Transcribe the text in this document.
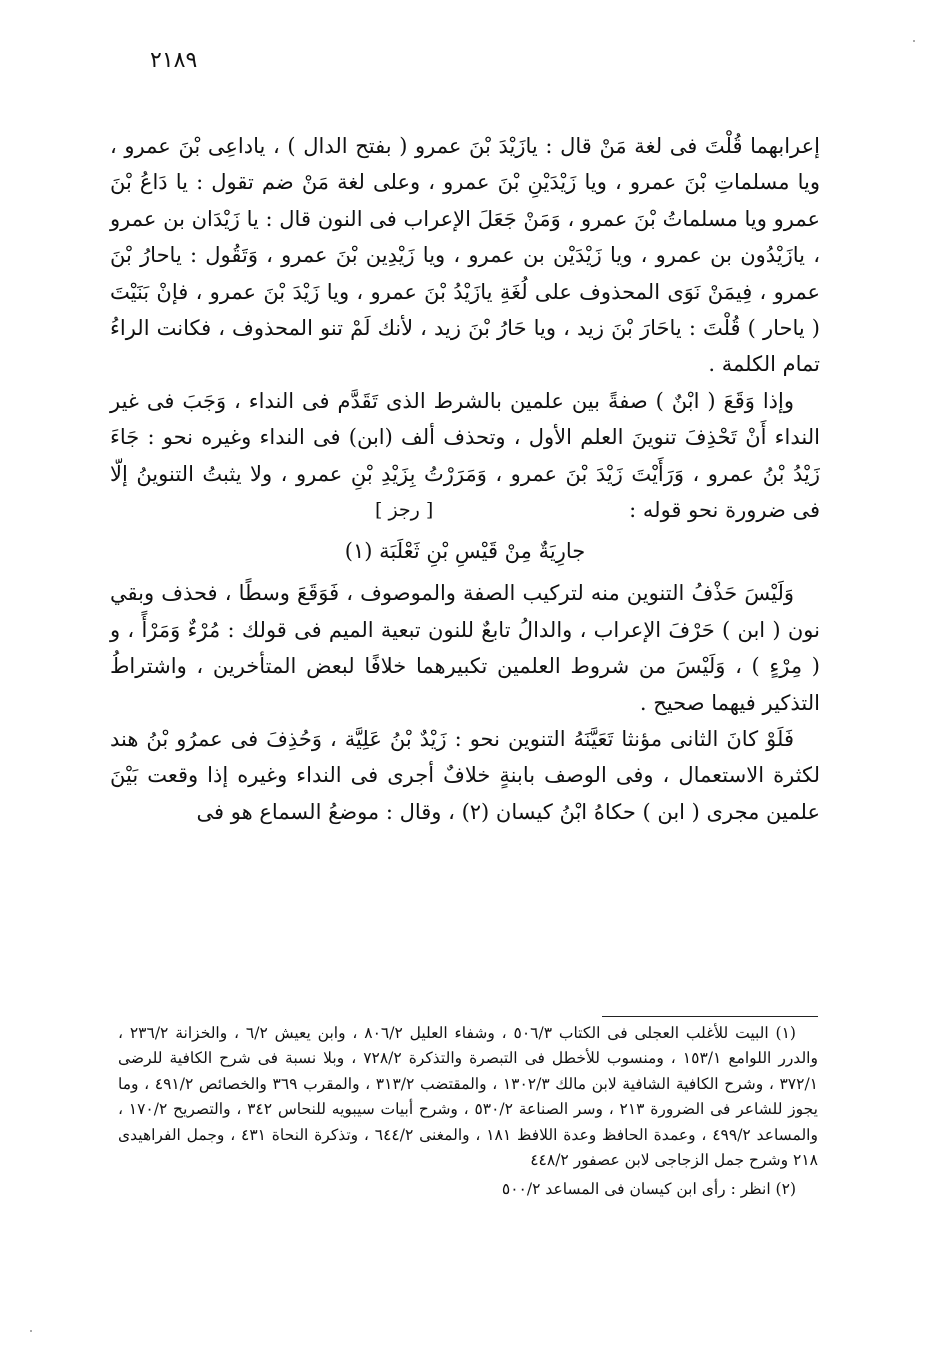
٢١٨٩

إعرابهما قُلْتَ فى لغة مَنْ قال : يازَيْدَ بْنَ عمرو ( بفتح الدال ) ، ياداعِى بْنَ عمرو ، ويا مسلماتِ بْنَ عمرو ، ويا زَيْدَيْنِ بْنَ عمرو ، وعلى لغة مَنْ ضم تقول : يا دَاعُ بْنَ عمرو ويا مسلماتُ بْنَ عمرو ، وَمَنْ جَعَلَ الإعراب فى النون قال : يا زَيْدَان بن عمرو ، يازَيْدُون بن عمرو ، ويا زَيْدَيْن بن عمرو ، ويا زَيْدِين بْنَ عمرو ، وَتَقُول : ياحارُ بْنَ عمرو ، فِيمَنْ نَوَى المحذوف على لُغَةِ يازَيْدُ بْنَ عمرو ، ويا زَيْدَ بْنَ عمرو ، فإنْ بَنَيْتَ ( ياحار ) قُلْتَ : ياحَارَ بْنَ زيد ، ويا حَارُ بْنَ زيد ، لأنك لَمْ تنو المحذوف ، فكانت الراءُ تمام الكلمة .

وإذا وَقَعَ ( ابْنٌ ) صفةً بين علمين بالشرط الذى تَقَدَّم فى النداء ، وَجَبَ فى غير النداء أَنْ تَحْذِفَ تنوينَ العلم الأول ، وتحذف ألف (ابن) فى النداء وغيره نحو : جَاءَ زَيْدُ بْنُ عمرو ، وَرَأَيْتَ زَيْدَ بْنَ عمرو ، وَمَرَرْتُ بِزَيْدِ بْنِ عمرو ، ولا يثبتُ التنوينُ إلّا فى ضرورة نحو قوله :

[ رجز ]

جارِيَةٌ مِنْ قَيْسِ بْنِ ثَعْلَبَة (١)

وَلَيْسَ حَذْفُ التنوين منه لتركيب الصفة والموصوف ، فَوَقَعَ وسطًا ، فحذف وبقي نون ( ابن ) حَرْفَ الإعراب ، والدالُ تابعٌ للنون تبعية الميم فى قولك : مُرْءٌ وَمَرْأً ، و ( مِرْءٍ ) ، وَلَيْسَ من شروط العلمين تكبيرهما خلافًا لبعض المتأخرين ، واشتراطُ التذكير فيهما صحيح .

فَلَوْ كانَ الثانى مؤنثا تَعَيَّنَهُ التنوين نحو : زَيْدٌ بْنُ عَلِيَّة ، وَحُذِفَ فى عمرُو بْنُ هند لكثرة الاستعمال ، وفى الوصف بابنةٍ خلافٌ أجرى فى النداء وغيره إذا وقعت بَيْنَ علمين مجرى ( ابن ) حكاهُ ابْنُ كيسان (٢) ، وقال : موضعُ السماع هو فى

(١) البيت للأغلب العجلى فى الكتاب ٥٠٦/٣ ، وشفاء العليل ٨٠٦/٢ ، وابن يعيش ٦/٢ ، والخزانة ٢٣٦/٢ ، والدرر اللوامع ١٥٣/١ ، ومنسوب للأخطل فى التبصرة والتذكرة ٧٢٨/٢ ، وبلا نسبة فى شرح الكافية للرضى ٣٧٢/١ ، وشرح الكافية الشافية لابن مالك ١٣٠٢/٣ ، والمقتضب ٣١٣/٢ ، والمقرب ٣٦٩ والخصائص ٤٩١/٢ ، وما يجوز للشاعر فى الضرورة ٢١٣ ، وسر الصناعة ٥٣٠/٢ ، وشرح أبيات سيبويه للنحاس ٣٤٢ ، والتصريح ١٧٠/٢ ، والمساعد ٤٩٩/٢ ، وعمدة الحافظ وعدة اللافظ ١٨١ ، والمغنى ٦٤٤/٢ ، وتذكرة النحاة ٤٣١ ، وجمل الفراهيدى ٢١٨ وشرح جمل الزجاجى لابن عصفور ٤٤٨/٢

(٢) انظر : رأى ابن كيسان فى المساعد ٥٠٠/٢
